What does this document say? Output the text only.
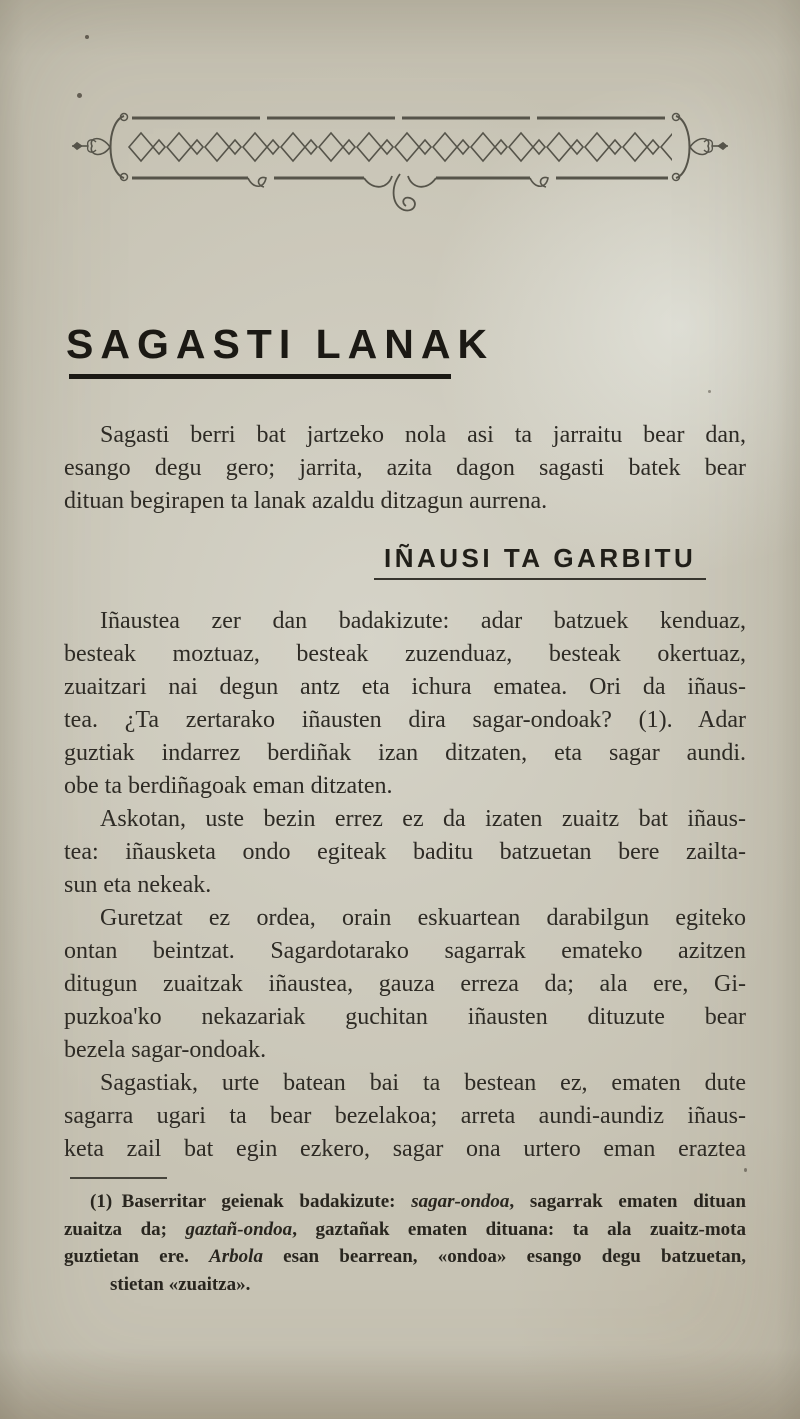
SAGASTI LANAK
Sagasti berri bat jartzeko nola asi ta jarraitu bear dan,
esango degu gero; jarrita, azita dagon sagasti batek bear
dituan begirapen ta lanak azaldu ditzagun aurrena.
IÑAUSI TA GARBITU
Iñaustea zer dan badakizute: adar batzuek kenduaz,
besteak moztuaz, besteak zuzenduaz, besteak okertuaz,
zuaitzari nai degun antz eta ichura ematea. Ori da iñaus-
tea. ¿Ta zertarako iñausten dira sagar-ondoak? (1). Adar
guztiak indarrez berdiñak izan ditzaten, eta sagar aundi.
obe ta berdiñagoak eman ditzaten.
Askotan, uste bezin errez ez da izaten zuaitz bat iñaus-
tea: iñausketa ondo egiteak baditu batzuetan bere zailta-
sun eta nekeak.
Guretzat ez ordea, orain eskuartean darabilgun egiteko
ontan beintzat. Sagardotarako sagarrak emateko azitzen
ditugun zuaitzak iñaustea, gauza erreza da; ala ere, Gi-
puzkoa'ko nekazariak guchitan iñausten dituzute bear
bezela sagar-ondoak.
Sagastiak, urte batean bai ta bestean ez, ematen dute
sagarra ugari ta bear bezelakoa; arreta aundi-aundiz iñaus-
keta zail bat egin ezkero, sagar ona urtero eman eraztea
(1) Baserritar geienak badakizute: sagar-ondoa, sagarrak ematen dituan
zuaitza da; gaztañ-ondoa, gaztañak ematen dituana: ta ala zuaitz-mota
guztietan ere. Arbola esan bearrean, «ondoa» esango degu batzuetan,
stietan «zuaitza».
